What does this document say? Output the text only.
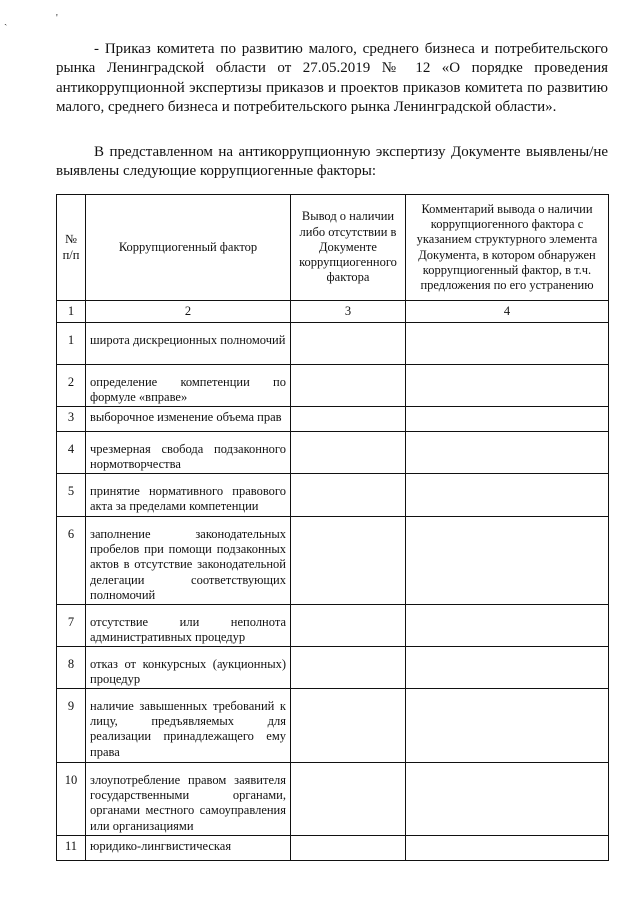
ˏ	'

- Приказ комитета по развитию малого, среднего бизнеса и потребительского рынка Ленинградской области от 27.05.2019 № 12 «О порядке проведения антикоррупционной экспертизы приказов и проектов приказов комитета по развитию малого, среднего бизнеса и потребительского рынка Ленинградской области».

В представленном на антикоррупционную экспертизу Документе выявлены/не выявлены следующие коррупциогенные факторы:

№ п/п	Коррупциогенный фактор	Вывод о наличии либо отсутствии в Документе коррупциогенного фактора	Комментарий вывода о наличии коррупциогенного фактора с указанием структурного элемента Документа, в котором обнаружен коррупциогенный фактор, в т.ч. предложения по его устранению
1	2	3	4
1	широта дискреционных полномочий		
2	определение компетенции по формуле «вправе»		
3	выборочное изменение объема прав		
4	чрезмерная свобода подзаконного нормотворчества		
5	принятие нормативного правового акта за пределами компетенции		
6	заполнение законодательных пробелов при помощи подзаконных актов в отсутствие законодательной делегации соответствующих полномочий		
7	отсутствие или неполнота административных процедур		
8	отказ от конкурсных (аукционных) процедур		
9	наличие завышенных требований к лицу, предъявляемых для реализации принадлежащего ему права		
10	злоупотребление правом заявителя государственными органами, органами местного самоуправления или организациями		
11	юридико-лингвистическая		
